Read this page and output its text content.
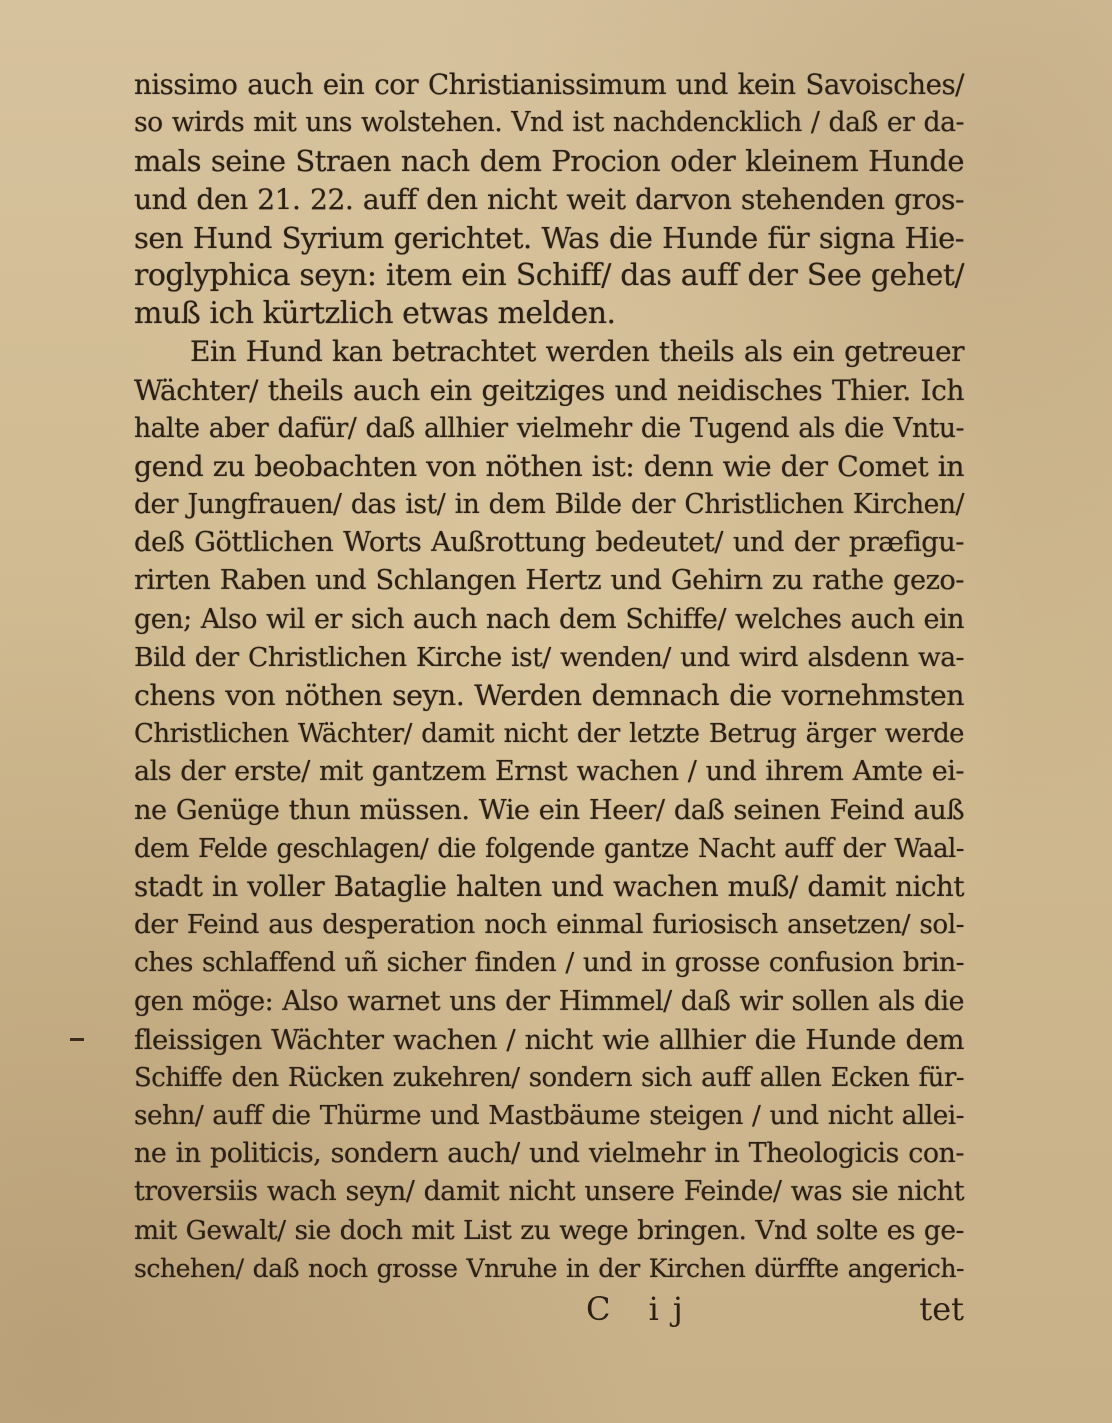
nissimo auch ein cor Christianissimum und kein Savoisches/
so wirds mit uns wolstehen. Vnd ist nachdencklich / daß er da-
mals seine Straen nach dem Procion oder kleinem Hunde
und den 21. 22. auff den nicht weit darvon stehenden gros-
sen Hund Syrium gerichtet. Was die Hunde für signa Hie-
roglyphica seyn: item ein Schiff/ das auff der See gehet/
muß ich kürtzlich etwas melden.
Ein Hund kan betrachtet werden theils als ein getreuer
Wächter/ theils auch ein geitziges und neidisches Thier. Ich
halte aber dafür/ daß allhier vielmehr die Tugend als die Vntu-
gend zu beobachten von nöthen ist: denn wie der Comet in
der Jungfrauen/ das ist/ in dem Bilde der Christlichen Kirchen/
deß Göttlichen Worts Außrottung bedeutet/ und der præfigu-
rirten Raben und Schlangen Hertz und Gehirn zu rathe gezo-
gen; Also wil er sich auch nach dem Schiffe/ welches auch ein
Bild der Christlichen Kirche ist/ wenden/ und wird alsdenn wa-
chens von nöthen seyn. Werden demnach die vornehmsten
Christlichen Wächter/ damit nicht der letzte Betrug ärger werde
als der erste/ mit gantzem Ernst wachen / und ihrem Amte ei-
ne Genüge thun müssen. Wie ein Heer/ daß seinen Feind auß
dem Felde geschlagen/ die folgende gantze Nacht auff der Waal-
stadt in voller Bataglie halten und wachen muß/ damit nicht
der Feind aus desperation noch einmal furiosisch ansetzen/ sol-
ches schlaffend uñ sicher finden / und in grosse confusion brin-
gen möge: Also warnet uns der Himmel/ daß wir sollen als die
fleissigen Wächter wachen / nicht wie allhier die Hunde dem
Schiffe den Rücken zukehren/ sondern sich auff allen Ecken für-
sehn/ auff die Thürme und Mastbäume steigen / und nicht allei-
ne in politicis, sondern auch/ und vielmehr in Theologicis con-
troversiis wach seyn/ damit nicht unsere Feinde/ was sie nicht
mit Gewalt/ sie doch mit List zu wege bringen. Vnd solte es ge-
schehen/ daß noch grosse Vnruhe in der Kirchen dürffte angerich-
C ij	tet
